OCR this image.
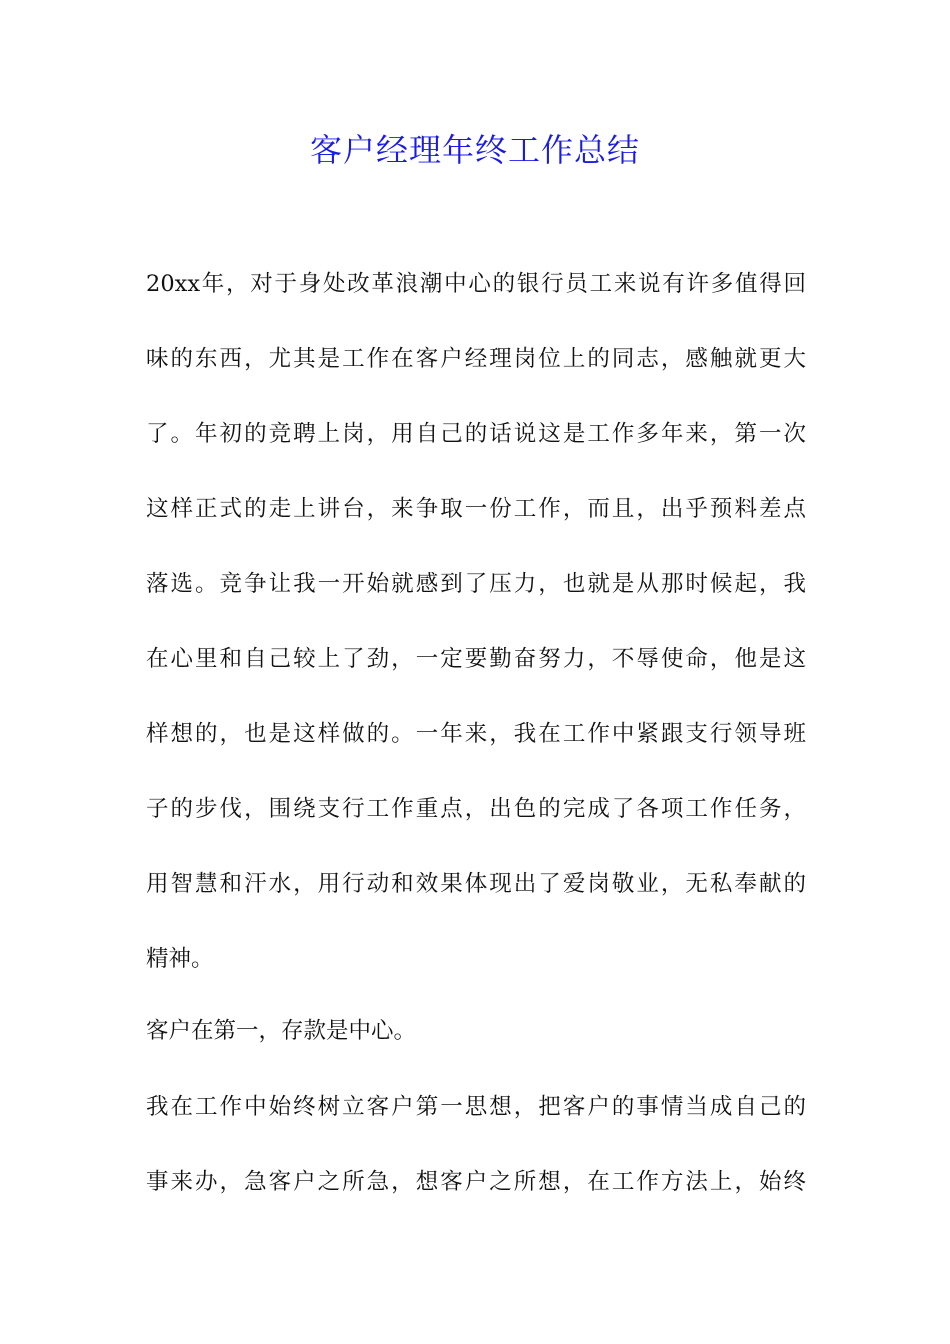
客户经理年终工作总结
20xx年，对于身处改革浪潮中心的银行员工来说有许多值得回
味的东西，尤其是工作在客户经理岗位上的同志，感触就更大
了。年初的竞聘上岗，用自己的话说这是工作多年来，第一次
这样正式的走上讲台，来争取一份工作，而且，出乎预料差点
落选。竞争让我一开始就感到了压力，也就是从那时候起，我
在心里和自己较上了劲，一定要勤奋努力，不辱使命，他是这
样想的，也是这样做的。一年来，我在工作中紧跟支行领导班
子的步伐，围绕支行工作重点，出色的完成了各项工作任务，
用智慧和汗水，用行动和效果体现出了爱岗敬业，无私奉献的
精神。
客户在第一，存款是中心。
我在工作中始终树立客户第一思想，把客户的事情当成自己的
事来办，急客户之所急，想客户之所想，在工作方法上，始终
